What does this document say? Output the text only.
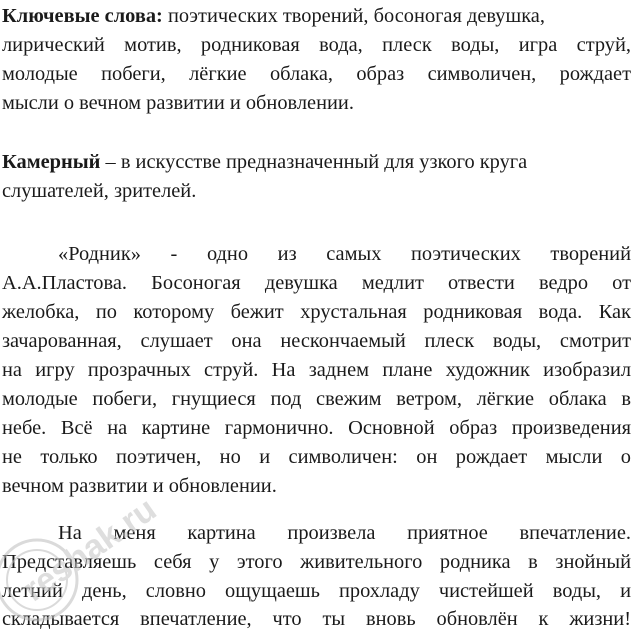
Ключевые слова: поэтических творений, босоногая девушка,
лирический мотив, родниковая вода, плеск воды, игра струй,
молодые побеги, лёгкие облака, образ символичен, рождает
мысли о вечном развитии и обновлении.
Камерный – в искусстве предназначенный для узкого круга
слушателей, зрителей.
«Родник» - одно из самых поэтических творений
А.А.Пластова. Босоногая девушка медлит отвести ведро от
желобка, по которому бежит хрустальная родниковая вода. Как
зачарованная, слушает она нескончаемый плеск воды, смотрит
на игру прозрачных струй. На заднем плане художник изобразил
молодые побеги, гнущиеся под свежим ветром, лёгкие облака в
небе. Всё на картине гармонично. Основной образ произведения
не только поэтичен, но и символичен: он рождает мысли о
вечном развитии и обновлении.
На меня картина произвела приятное впечатление.
Представляешь себя у этого живительного родника в знойный
летний день, словно ощущаешь прохладу чистейшей воды, и
складывается впечатление, что ты вновь обновлён к жизни!
reshak.ru
